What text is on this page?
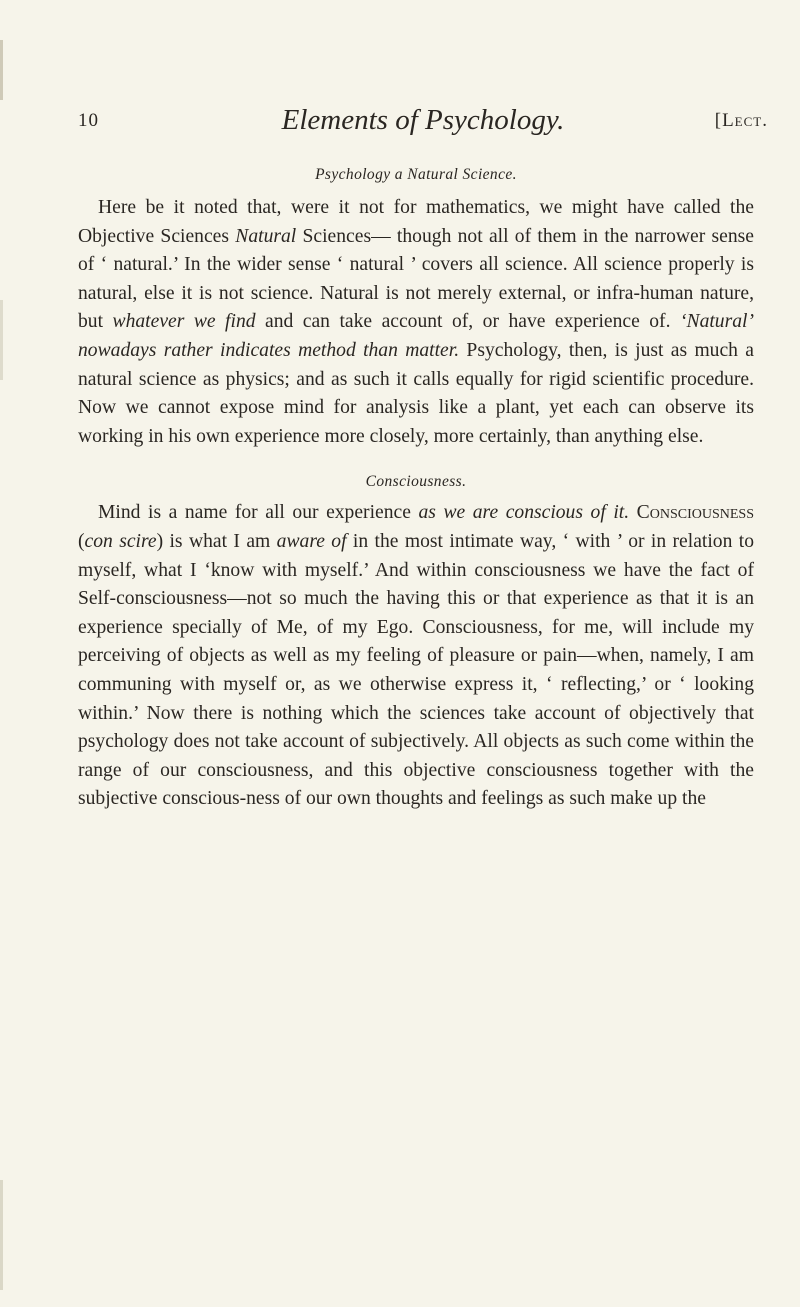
10	Elements of Psychology.	[Lect.
Psychology a Natural Science.

Here be it noted that, were it not for mathematics, we might have called the Objective Sciences Natural Sciences— though not all of them in the narrower sense of ‘ natural.’ In the wider sense ‘ natural ’ covers all science. All science properly is natural, else it is not science. Natural is not merely external, or infra-human nature, but whatever we find and can take account of, or have experience of. ‘Natural’ nowadays rather indicates method than matter. Psychology, then, is just as much a natural science as physics; and as such it calls equally for rigid scientific procedure. Now we cannot expose mind for analysis like a plant, yet each can observe its working in his own experience more closely, more certainly, than anything else.

Consciousness.

Mind is a name for all our experience as we are conscious of it. Consciousness (con scire) is what I am aware of in the most intimate way, ‘ with ’ or in relation to myself, what I ‘know with myself.’ And within consciousness we have the fact of Self-consciousness—not so much the having this or that experience as that it is an experience specially of Me, of my Ego. Consciousness, for me, will include my perceiving of objects as well as my feeling of pleasure or pain—when, namely, I am communing with myself or, as we otherwise express it, ‘ reflecting,’ or ‘ looking within.’ Now there is nothing which the sciences take account of objectively that psychology does not take account of subjectively. All objects as such come within the range of our consciousness, and this objective consciousness together with the subjective conscious-ness of our own thoughts and feelings as such make up the
